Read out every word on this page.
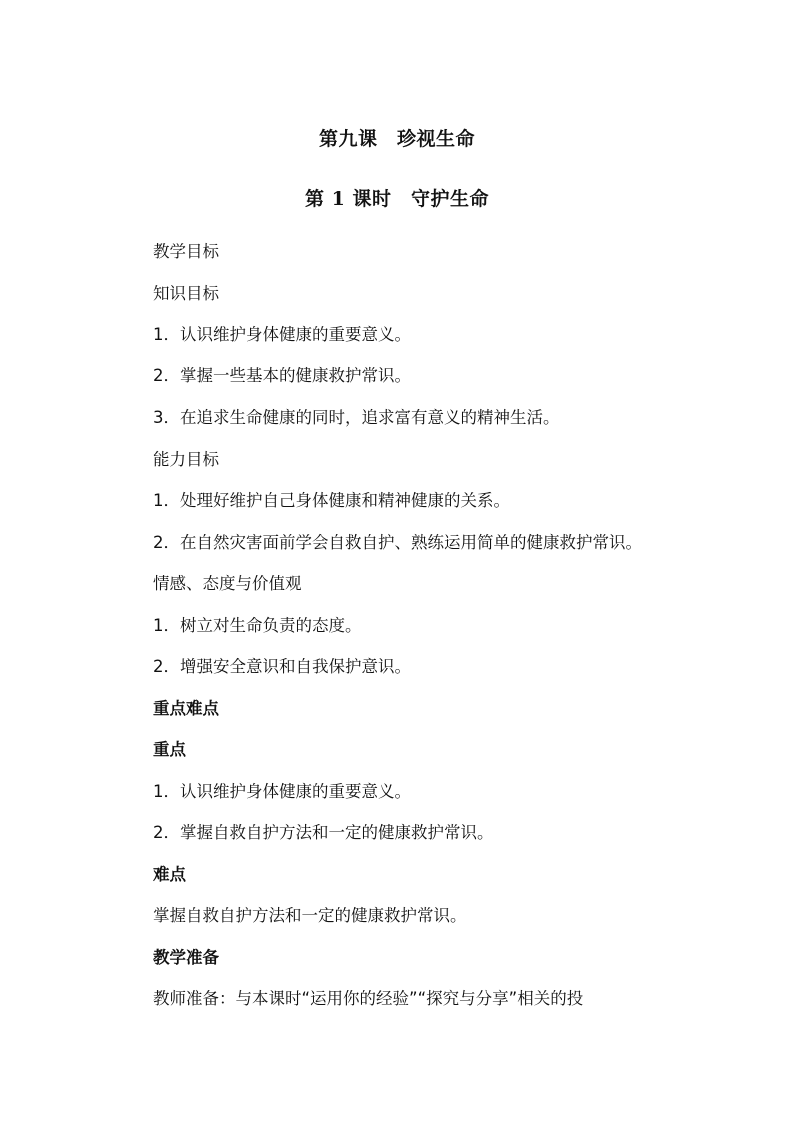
第九课　珍视生命
第 1 课时　守护生命
教学目标
知识目标
1．认识维护身体健康的重要意义。
2．掌握一些基本的健康救护常识。
3．在追求生命健康的同时，追求富有意义的精神生活。
能力目标
1．处理好维护自己身体健康和精神健康的关系。
2．在自然灾害面前学会自救自护、熟练运用简单的健康救护常识。
情感、态度与价值观
1．树立对生命负责的态度。
2．增强安全意识和自我保护意识。
重点难点
重点
1．认识维护身体健康的重要意义。
2．掌握自救自护方法和一定的健康救护常识。
难点
掌握自救自护方法和一定的健康救护常识。
教学准备
教师准备：与本课时“运用你的经验”“探究与分享”相关的投
